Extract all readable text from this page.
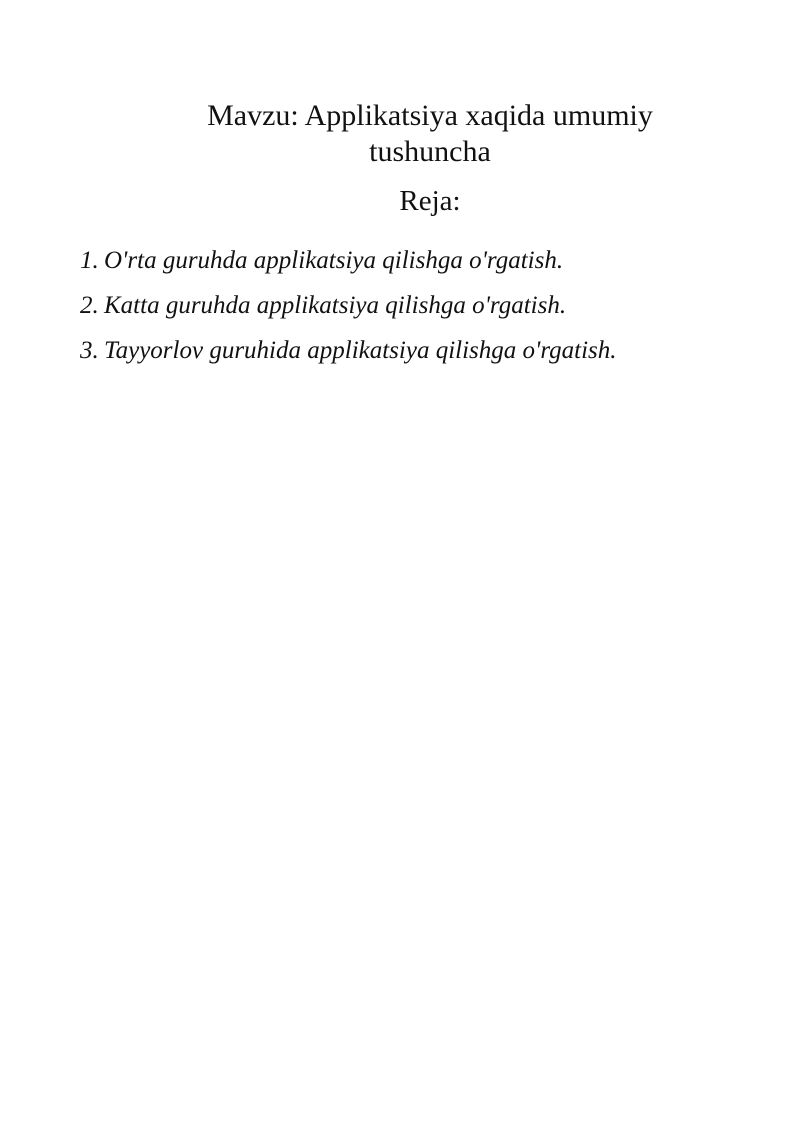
Mavzu: Applikatsiya xaqida umumiy
tushuncha
Reja:
1. O'rta guruhda applikatsiya qilishga o'rgatish.
2. Katta guruhda applikatsiya qilishga o'rgatish.
3. Tayyorlov guruhida applikatsiya qilishga o'rgatish.
